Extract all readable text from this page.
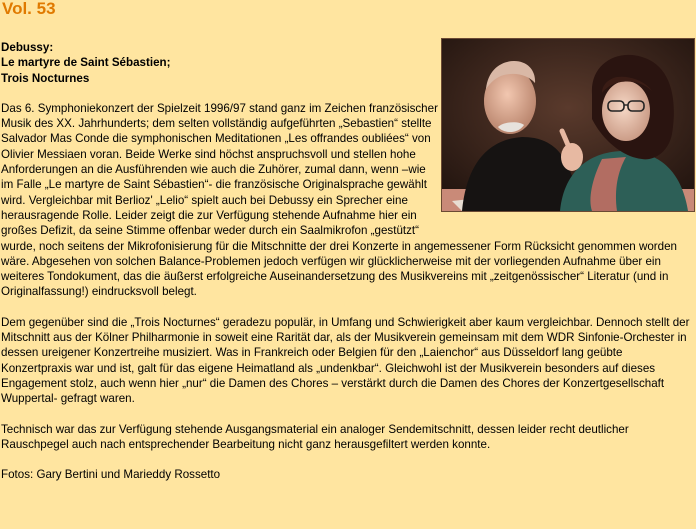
Vol. 53
Debussy:
Le martyre de Saint Sébastien;
Trois Nocturnes

Das 6. Symphoniekonzert der Spielzeit 1996/97 stand ganz im Zeichen französischer Musik des XX. Jahrhunderts; dem selten vollständig aufgeführten „Sebastien“ stellte Salvador Mas Conde die symphonischen Meditationen „Les offrandes oubliées“ von Olivier Messiaen voran. Beide Werke sind höchst anspruchsvoll und stellen hohe Anforderungen an die Ausführenden wie auch die Zuhörer, zumal dann, wenn –wie im Falle „Le martyre de Saint Sébastien“- die französische Originalsprache gewählt wird. Vergleichbar mit Berlioz' „Lelio“ spielt auch bei Debussy ein Sprecher eine herausragende Rolle. Leider zeigt die zur Verfügung stehende Aufnahme hier ein großes Defizit, da seine Stimme offenbar weder durch ein Saalmikrofon „gestützt“ wurde, noch seitens der Mikrofonisierung für die Mitschnitte der drei Konzerte in angemessener Form Rücksicht genommen worden wäre. Abgesehen von solchen Balance-Problemen jedoch verfügen wir glücklicherweise mit der vorliegenden Aufnahme über ein weiteres Tondokument, das die äußerst erfolgreiche Auseinandersetzung des Musikvereins mit „zeitgenössischer“ Literatur (und in Originalfassung!) eindrucksvoll belegt.

Dem gegenüber sind die „Trois Nocturnes“ geradezu populär, in Umfang und Schwierigkeit aber kaum vergleichbar. Dennoch stellt der Mitschnitt aus der Kölner Philharmonie in soweit eine Rarität dar, als der Musikverein gemeinsam mit dem WDR Sinfonie-Orchester in dessen ureigener Konzertreihe musiziert. Was in Frankreich oder Belgien für den „Laienchor“ aus Düsseldorf lang geübte Konzertpraxis war und ist, galt für das eigene Heimatland als „undenkbar“. Gleichwohl ist der Musikverein besonders auf dieses Engagement stolz, auch wenn hier „nur“ die Damen des Chores – verstärkt durch die Damen des Chores der Konzertgesellschaft Wuppertal- gefragt waren.

Technisch war das zur Verfügung stehende Ausgangsmaterial ein analoger Sendemitschnitt, dessen leider recht deutlicher Rauschpegel auch nach entsprechender Bearbeitung nicht ganz herausgefiltert werden konnte.

Fotos: Gary Bertini und Marieddy Rossetto
